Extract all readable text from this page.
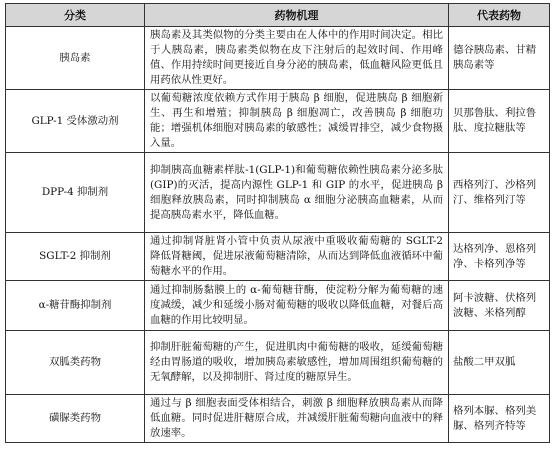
分类	药物机理	代表药物
胰岛素	胰岛素及其类似物的分类主要由在人体中的作用时间决定。相比于人胰岛素，胰岛素类似物在皮下注射后的起效时间、作用峰值、作用持续时间更接近自身分泌的胰岛素，低血糖风险更低且用药依从性更好。	德谷胰岛素、甘精胰岛素等
GLP-1 受体激动剂	以葡萄糖浓度依赖方式作用于胰岛 β 细胞，促进胰岛 β 细胞新生、再生和增殖；抑制胰岛 β 细胞凋亡，改善胰岛 β 细胞功能；增强机体细胞对胰岛素的敏感性；减缓胃排空，减少食物摄入量。	贝那鲁肽、利拉鲁肽、度拉糖肽等
DPP-4 抑制剂	抑制胰高血糖素样肽-1(GLP-1)和葡萄糖依赖性胰岛素分泌多肽(GIP)的灭活，提高内源性 GLP-1 和 GIP 的水平，促进胰岛 β 细胞释放胰岛素，同时抑制胰岛 α 细胞分泌胰高血糖素，从而提高胰岛素水平，降低血糖。	西格列汀、沙格列汀、维格列汀等
SGLT-2 抑制剂	通过抑制肾脏肾小管中负责从尿液中重吸收葡萄糖的 SGLT-2 降低肾糖阈，促进尿液葡萄糖清除，从而达到降低血液循环中葡萄糖水平的作用。	达格列净、恩格列净、卡格列净等
α-糖苷酶抑制剂	通过抑制肠黏膜上的 α-葡萄糖苷酶，使淀粉分解为葡萄糖的速度减缓，减少和延缓小肠对葡萄糖的吸收以降低血糖，对餐后高血糖的作用比较明显。	阿卡波糖、伏格列波糖、米格列醇
双胍类药物	抑制肝脏葡萄糖的产生，促进肌肉中葡萄糖的吸收，延缓葡萄糖经由胃肠道的吸收，增加胰岛素敏感性，增加周围组织葡萄糖的无氧酵解，以及抑制肝、肾过度的糖原异生。	盐酸二甲双胍
磺脲类药物	通过与 β 细胞表面受体相结合，刺激 β 细胞释放胰岛素从而降低血糖。同时促进肝糖原合成，并减缓肝脏葡萄糖向血液中的释放速率。	格列本脲、格列美脲、格列齐特等
